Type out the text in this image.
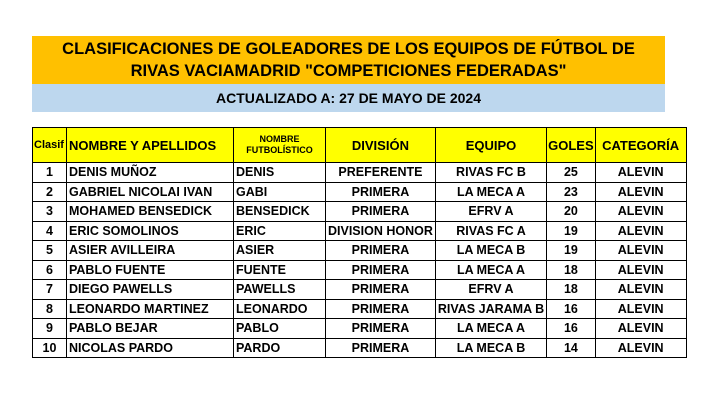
CLASIFICACIONES DE GOLEADORES DE LOS EQUIPOS DE FÚTBOL DE
RIVAS VACIAMADRID "COMPETICIONES FEDERADAS"
ACTUALIZADO A: 27 DE MAYO DE 2024
Clasif	NOMBRE Y APELLIDOS	NOMBRE FUTBOLÍSTICO	DIVISIÓN	EQUIPO	GOLES	CATEGORÍA
1	DENIS MUÑOZ	DENIS	PREFERENTE	RIVAS FC B	25	ALEVIN
2	GABRIEL NICOLAI IVAN	GABI	PRIMERA	LA MECA A	23	ALEVIN
3	MOHAMED BENSEDICK	BENSEDICK	PRIMERA	EFRV A	20	ALEVIN
4	ERIC SOMOLINOS	ERIC	DIVISION HONOR	RIVAS FC A	19	ALEVIN
5	ASIER AVILLEIRA	ASIER	PRIMERA	LA MECA B	19	ALEVIN
6	PABLO FUENTE	FUENTE	PRIMERA	LA MECA A	18	ALEVIN
7	DIEGO PAWELLS	PAWELLS	PRIMERA	EFRV A	18	ALEVIN
8	LEONARDO MARTINEZ	LEONARDO	PRIMERA	RIVAS JARAMA B	16	ALEVIN
9	PABLO BEJAR	PABLO	PRIMERA	LA MECA A	16	ALEVIN
10	NICOLAS PARDO	PARDO	PRIMERA	LA MECA B	14	ALEVIN
